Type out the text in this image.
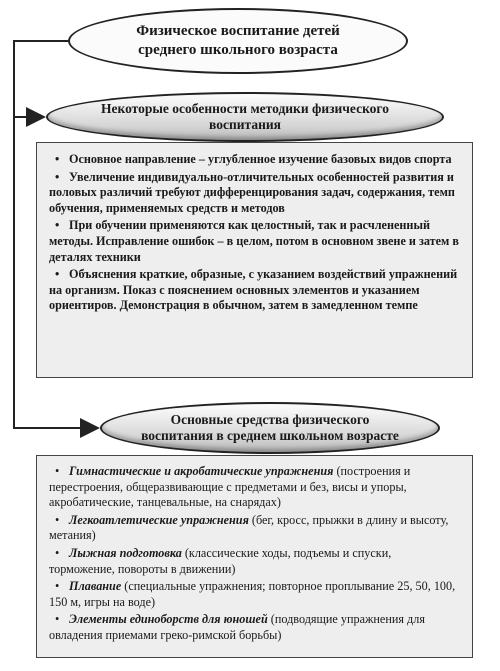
Физическое воспитание детей среднего школьного возраста
Некоторые особенности методики физического воспитания
• Основное направление – углубленное изучение базовых видов спорта
• Увеличение индивидуально-отличительных особенностей развития и половых различий требуют дифференцирования задач, содержания, темп обучения, применяемых средств и методов
• При обучении применяются как целостный, так и расчлененный методы. Исправление ошибок – в целом, потом в основном звене и затем в деталях техники
• Объяснения краткие, образные, с указанием воздействий упражнений на организм. Показ с пояснением основных элементов и указанием ориентиров. Демонстрация в обычном, затем в замедленном темпе
Основные средства физического воспитания в среднем школьном возрасте
• Гимнастические и акробатические упражнения (построения и перестроения, общеразвивающие с предметами и без, висы и упоры, акробатические, танцевальные, на снарядах)
• Легкоатлетические упражнения (бег, кросс, прыжки в длину и высоту, метания)
• Лыжная подготовка (классические ходы, подъемы и спуски, торможение, повороты в движении)
• Плавание (специальные упражнения; повторное проплывание 25, 50, 100, 150 м, игры на воде)
• Элементы единоборств для юношей (подводящие упражнения для овладения приемами греко-римской борьбы)
